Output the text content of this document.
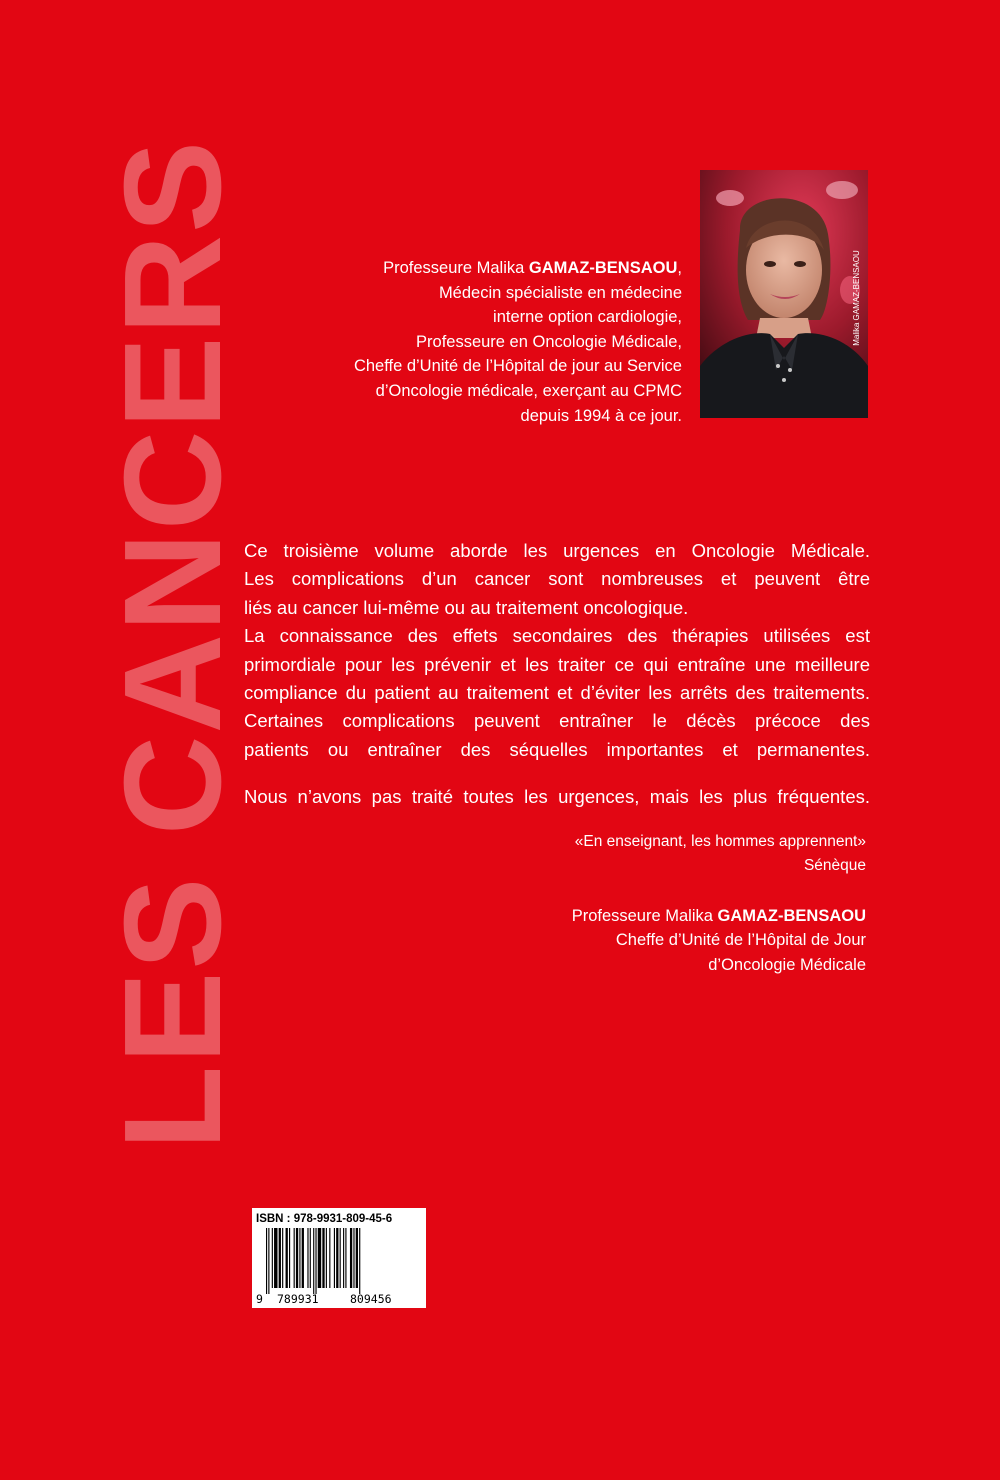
LES CANCERS	Malika GAMAZ-BENSAOU
Professeure Malika GAMAZ-BENSAOU,
Médecin spécialiste en médecine
interne option cardiologie,
Professeure en Oncologie Médicale,
Cheffe d’Unité de l’Hôpital de jour au Service
d’Oncologie médicale, exerçant au CPMC
depuis 1994 à ce jour.
Ce troisième volume aborde les urgences en Oncologie Médicale.
Les complications d’un cancer sont nombreuses et peuvent être
liés au cancer lui-même ou au traitement oncologique.
La connaissance des effets secondaires des thérapies utilisées est
primordiale pour les prévenir et les traiter ce qui entraîne une meilleure
compliance du patient au traitement et d’éviter les arrêts des traitements.
Certaines complications peuvent entraîner le décès précoce des
patients ou entraîner des séquelles importantes et permanentes.
Nous n’avons pas traité toutes les urgences, mais les plus fréquentes.
«En enseignant, les hommes apprennent»
Sénèque
Professeure Malika GAMAZ-BENSAOU
Cheffe d’Unité de l’Hôpital de Jour
d’Oncologie Médicale
ISBN : 978-9931-809-45-6
9 789931	809456
